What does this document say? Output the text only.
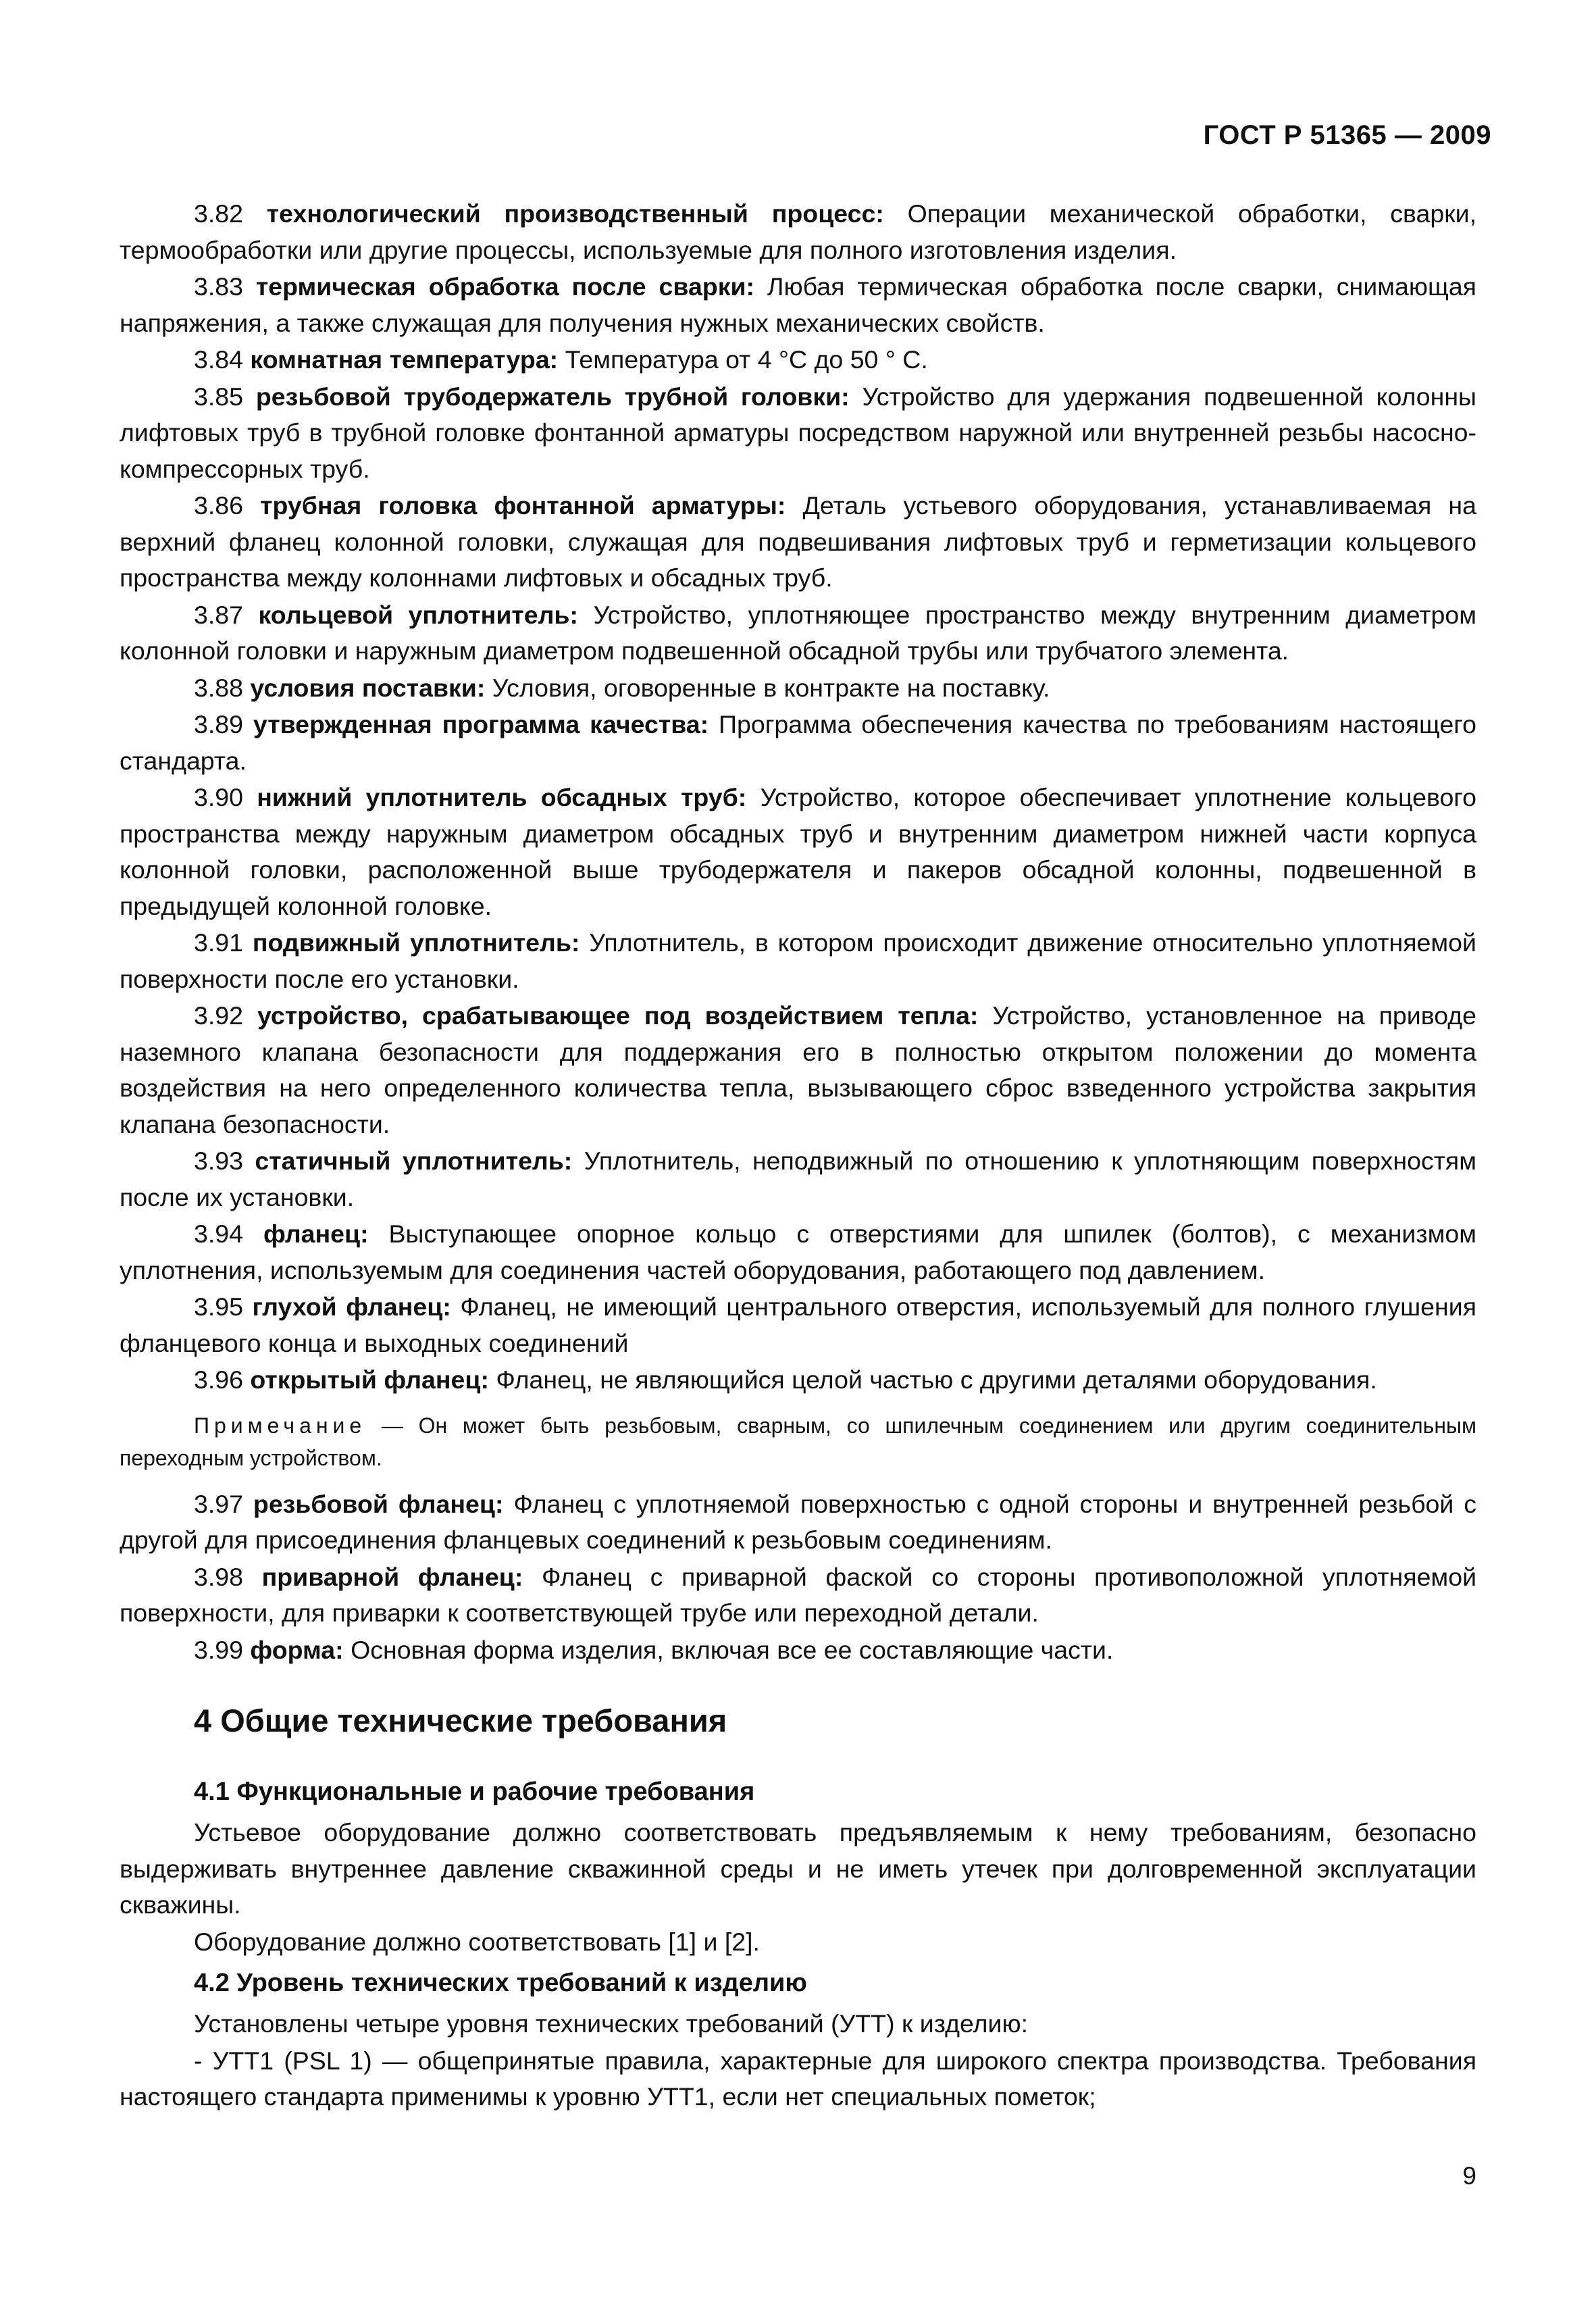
ГОСТ Р 51365 — 2009

3.82 технологический производственный процесс: Операции механической обработки, сварки, термообработки или другие процессы, используемые для полного изготовления изделия.

3.83 термическая обработка после сварки: Любая термическая обработка после сварки, снимающая напряжения, а также служащая для получения нужных механических свойств.

3.84 комнатная температура: Температура от 4 °С до 50 ° С.

3.85 резьбовой трубодержатель трубной головки: Устройство для удержания подвешенной колонны лифтовых труб в трубной головке фонтанной арматуры посредством наружной или внутренней резьбы насосно-компрессорных труб.

3.86 трубная головка фонтанной арматуры: Деталь устьевого оборудования, устанавливаемая на верхний фланец колонной головки, служащая для подвешивания лифтовых труб и герметизации кольцевого пространства между колоннами лифтовых и обсадных труб.

3.87 кольцевой уплотнитель: Устройство, уплотняющее пространство между внутренним диаметром колонной головки и наружным диаметром подвешенной обсадной трубы или трубчатого элемента.

3.88 условия поставки: Условия, оговоренные в контракте на поставку.

3.89 утвержденная программа качества: Программа обеспечения качества по требованиям настоящего стандарта.

3.90 нижний уплотнитель обсадных труб: Устройство, которое обеспечивает уплотнение кольцевого пространства между наружным диаметром обсадных труб и внутренним диаметром нижней части корпуса колонной головки, расположенной выше трубодержателя и пакеров обсадной колонны, подвешенной в предыдущей колонной головке.

3.91 подвижный уплотнитель: Уплотнитель, в котором происходит движение относительно уплотняемой поверхности после его установки.

3.92 устройство, срабатывающее под воздействием тепла: Устройство, установленное на приводе наземного клапана безопасности для поддержания его в полностью открытом положении до момента воздействия на него определенного количества тепла, вызывающего сброс взведенного устройства закрытия клапана безопасности.

3.93 статичный уплотнитель: Уплотнитель, неподвижный по отношению к уплотняющим поверхностям после их установки.

3.94 фланец: Выступающее опорное кольцо с отверстиями для шпилек (болтов), с механизмом уплотнения, используемым для соединения частей оборудования, работающего под давлением.

3.95 глухой фланец: Фланец, не имеющий центрального отверстия, используемый для полного глушения фланцевого конца и выходных соединений

3.96 открытый фланец: Фланец, не являющийся целой частью с другими деталями оборудования.

Примечание — Он может быть резьбовым, сварным, со шпилечным соединением или другим соединительным переходным устройством.

3.97 резьбовой фланец: Фланец с уплотняемой поверхностью с одной стороны и внутренней резьбой с другой для присоединения фланцевых соединений к резьбовым соединениям.

3.98 приварной фланец: Фланец с приварной фаской со стороны противоположной уплотняемой поверхности, для приварки к соответствующей трубе или переходной детали.

3.99 форма: Основная форма изделия, включая все ее составляющие части.

4 Общие технические требования
4.1 Функциональные и рабочие требования

Устьевое оборудование должно соответствовать предъявляемым к нему требованиям, безопасно выдерживать внутреннее давление скважинной среды и не иметь утечек при долговременной эксплуатации скважины.

Оборудование должно соответствовать [1] и [2].

4.2 Уровень технических требований к изделию

Установлены четыре уровня технических требований (УТТ) к изделию:

- УТТ1 (PSL 1) — общепринятые правила, характерные для широкого спектра производства. Требования настоящего стандарта применимы к уровню УТТ1, если нет специальных пометок;

9
